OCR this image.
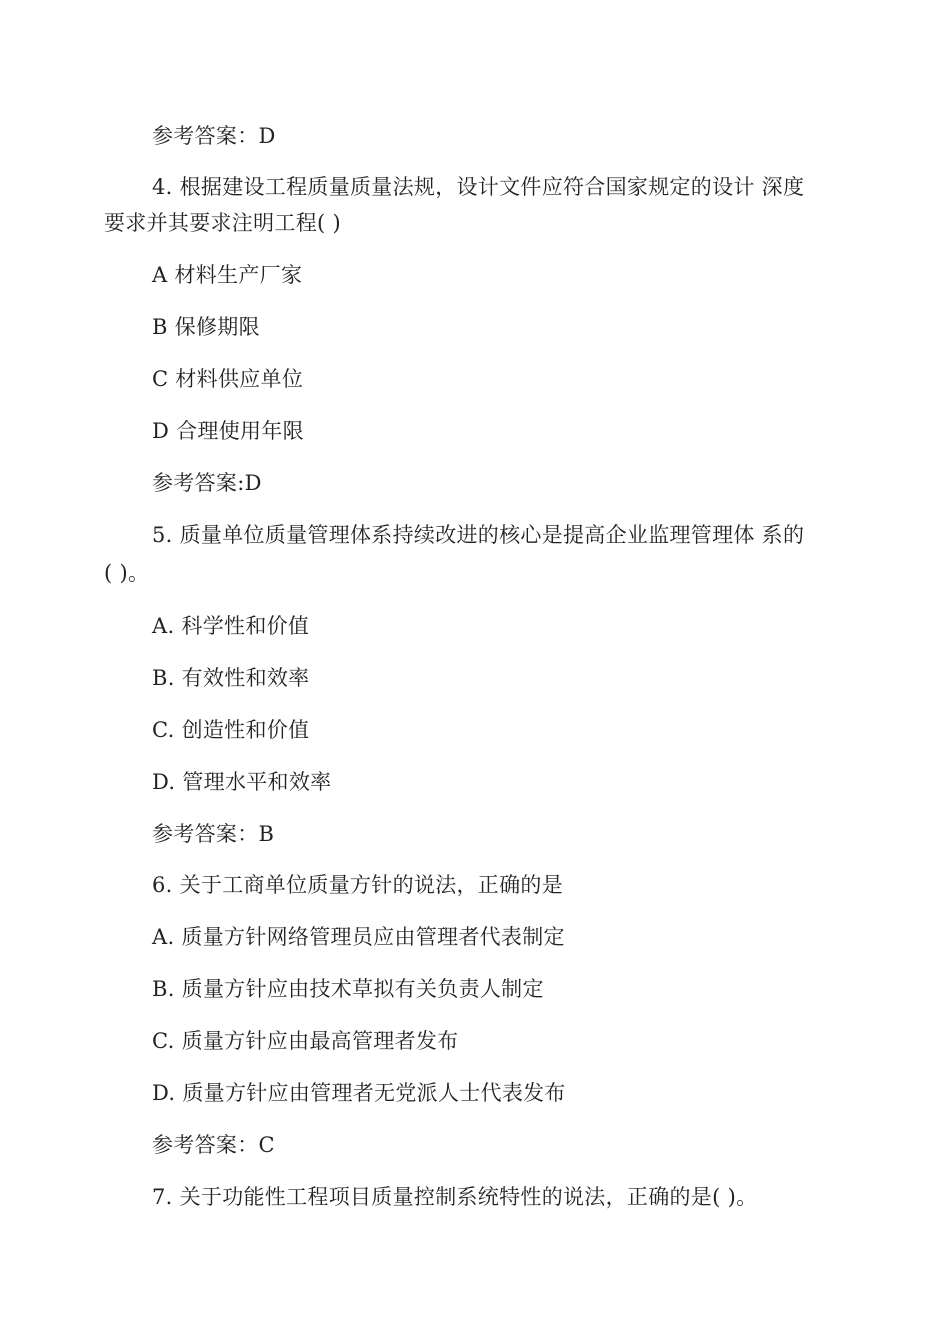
参考答案：D
4. 根据建设工程质量质量法规，设计文件应符合国家规定的设计 深度
要求并其要求注明工程( )
A 材料生产厂家
B 保修期限
C 材料供应单位
D 合理使用年限
参考答案:D
5. 质量单位质量管理体系持续改进的核心是提高企业监理管理体 系的
( )。
A. 科学性和价值
B. 有效性和效率
C. 创造性和价值
D. 管理水平和效率
参考答案：B
6. 关于工商单位质量方针的说法，正确的是
A. 质量方针网络管理员应由管理者代表制定
B. 质量方针应由技术草拟有关负责人制定
C. 质量方针应由最高管理者发布
D. 质量方针应由管理者无党派人士代表发布
参考答案：C
7. 关于功能性工程项目质量控制系统特性的说法，正确的是( )。
